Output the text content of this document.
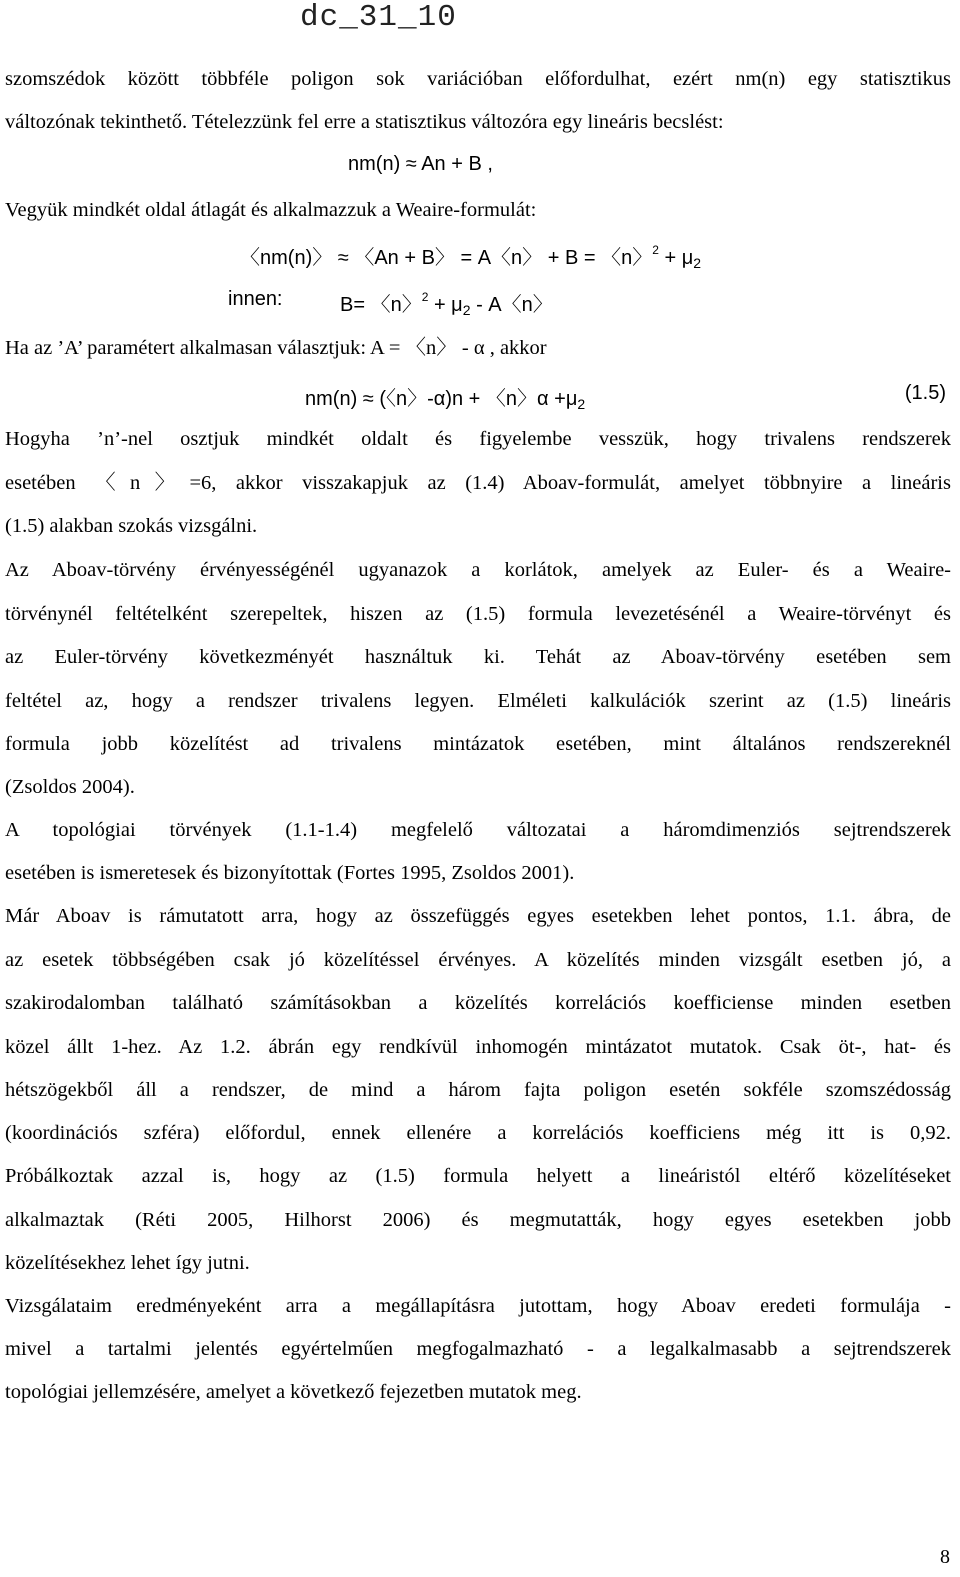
dc_31_10
szomszédok között többféle poligon sok variációban előfordulhat, ezért nm(n) egy statisztikus
változónak tekinthető. Tételezzünk fel erre a statisztikus változóra egy lineáris becslést:
nm(n) ≈ An + B ,
Vegyük mindkét oldal átlagát és alkalmazzuk a Weaire-formulát:
〈nm(n)〉 ≈ 〈An + B〉 = A〈n〉 + B = 〈n〉$^2 + \mu_2$
innen:	B= 〈n〉$^2 + \mu_2 - A$〈n〉
Ha az ’A’ paramétert alkalmasan választjuk: A = 〈n〉 - α , akkor
nm(n) ≈ (〈n〉-α)n + 〈n〉$\alpha +\mu_2$	(1.5)
Hogyha ’n’-nel osztjuk mindkét oldalt és figyelembe vesszük, hogy trivalens rendszerek
esetében 〈n〉=6, akkor visszakapjuk az (1.4) Aboav-formulát, amelyet többnyire a lineáris
(1.5) alakban szokás vizsgálni.
Az Aboav-törvény érvényességénél ugyanazok a korlátok, amelyek az Euler- és a Weaire-
törvénynél feltételként szerepeltek, hiszen az (1.5) formula levezetésénél a Weaire-törvényt és
az Euler-törvény következményét használtuk ki. Tehát az Aboav-törvény esetében sem
feltétel az, hogy a rendszer trivalens legyen. Elméleti kalkulációk szerint az (1.5) lineáris
formula jobb közelítést ad trivalens mintázatok esetében, mint általános rendszereknél
(Zsoldos 2004).
A topológiai törvények (1.1-1.4) megfelelő változatai a háromdimenziós sejtrendszerek
esetében is ismeretesek és bizonyítottak (Fortes 1995, Zsoldos 2001).
Már Aboav is rámutatott arra, hogy az összefüggés egyes esetekben lehet pontos, 1.1. ábra, de
az esetek többségében csak jó közelítéssel érvényes. A közelítés minden vizsgált esetben jó, a
szakirodalomban található számításokban a közelítés korrelációs koefficiense minden esetben
közel állt 1-hez. Az 1.2. ábrán egy rendkívül inhomogén mintázatot mutatok. Csak öt-, hat- és
hétszögekből áll a rendszer, de mind a három fajta poligon esetén sokféle szomszédosság
(koordinációs szféra) előfordul, ennek ellenére a korrelációs koefficiens még itt is 0,92.
Próbálkoztak azzal is, hogy az (1.5) formula helyett a lineáristól eltérő közelítéseket
alkalmaztak (Réti 2005, Hilhorst 2006) és megmutatták, hogy egyes esetekben jobb
közelítésekhez lehet így jutni.
Vizsgálataim eredményeként arra a megállapításra jutottam, hogy Aboav eredeti formulája -
mivel a tartalmi jelentés egyértelműen megfogalmazható - a legalkalmasabb a sejtrendszerek
topológiai jellemzésére, amelyet a következő fejezetben mutatok meg.
8
